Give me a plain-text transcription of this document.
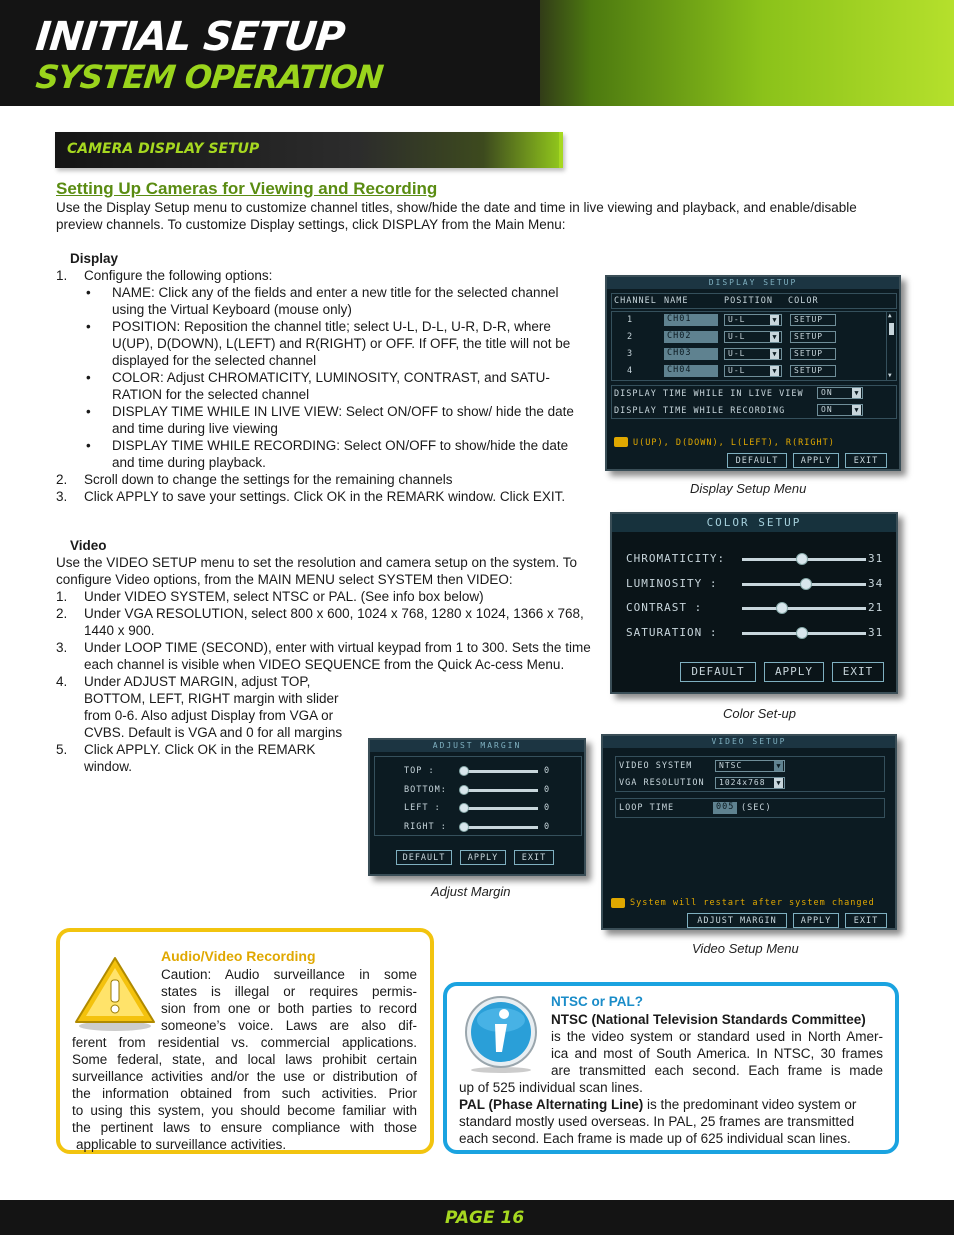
INITIAL SETUP
SYSTEM OPERATION
CAMERA DISPLAY SETUP
Setting Up Cameras for Viewing and Recording
Use the Display Setup menu to customize channel titles, show/hide the date and time in live viewing and playback, and enable/disable preview channels. To customize Display settings, click DISPLAY from the Main Menu:
Display
1. Configure the following options:
• NAME: Click any of the fields and enter a new title for the selected channel using the Virtual Keyboard (mouse only)
• POSITION: Reposition the channel title; select U-L, D-L, U-R, D-R, where U(UP), D(DOWN), L(LEFT) and R(RIGHT) or OFF. If OFF, the title will not be displayed for the selected channel
• COLOR: Adjust CHROMATICITY, LUMINOSITY, CONTRAST, and SATU-RATION for the selected channel
• DISPLAY TIME WHILE IN LIVE VIEW: Select ON/OFF to show/ hide the date and time during live viewing
• DISPLAY TIME WHILE RECORDING: Select ON/OFF to show/hide the date and time during playback.
2. Scroll down to change the settings for the remaining channels
3. Click APPLY to save your settings. Click OK in the REMARK window. Click EXIT.
Video
Use the VIDEO SETUP menu to set the resolution and camera setup on the system. To configure Video options, from the MAIN MENU select SYSTEM then VIDEO:
1. Under VIDEO SYSTEM, select NTSC or PAL. (See info box below)
2. Under VGA RESOLUTION, select 800 x 600, 1024 x 768, 1280 x 1024, 1366 x 768, 1440 x 900.
3. Under LOOP TIME (SECOND), enter with virtual keypad from 1 to 300. Sets the time each channel is visible when VIDEO SEQUENCE from the Quick Ac-cess Menu.
4. Under ADJUST MARGIN, adjust TOP, BOTTOM, LEFT, RIGHT margin with slider from 0-6. Also adjust Display from VGA or CVBS. Default is VGA and 0 for all margins
5. Click APPLY. Click OK in the REMARK window.
DISPLAY SETUP
CHANNEL NAME	POSITION COLOR
▲
▼
1	CH01	U-L	▼	SETUP
2	CH02	U-L	▼	SETUP
3	CH03	U-L	▼	SETUP
4	CH04	U-L	▼	SETUP
DISPLAY TIME WHILE IN LIVE VIEW	ON	▼
DISPLAY TIME WHILE RECORDING	ON	▼
U(UP), D(DOWN), L(LEFT), R(RIGHT)
DEFAULT	APPLY	EXIT
Display Setup Menu
COLOR SETUP
CHROMATICITY:	31
LUMINOSITY :	34
CONTRAST :	21
SATURATION :	31
DEFAULT	APPLY	EXIT
Color Set-up
ADJUST MARGIN
TOP :	0
BOTTOM:	0
LEFT :	0
RIGHT :	0
DEFAULT	APPLY	EXIT
Adjust Margin
VIDEO SETUP
VIDEO SYSTEM	NTSC	▼
VGA RESOLUTION	1024x768	▼
LOOP TIME	005 (SEC)
System will restart after system changed
ADJUST MARGIN	APPLY	EXIT
Video Setup Menu
Audio/Video Recording
Caution: Audio surveillance in some
states is illegal or requires permis-
sion from one or both parties to record
someone’s voice. Laws are also dif-
ferent from residential vs. commercial applications.
Some federal, state, and local laws prohibit certain
surveillance activities and/or the use or distribution of
the information obtained from such activities. Prior
to using this system, you should become familiar with
the pertinent laws to ensure compliance with those
applicable to surveillance activities.
NTSC or PAL?
NTSC (National Television Standards Committee)
is the video system or standard used in North Amer-
ica and most of South America. In NTSC, 30 frames
are transmitted each second. Each frame is made
up of 525 individual scan lines.
PAL (Phase Alternating Line) is the predominant video system or
standard mostly used overseas. In PAL, 25 frames are transmitted
each second. Each frame is made up of 625 individual scan lines.
PAGE 16
